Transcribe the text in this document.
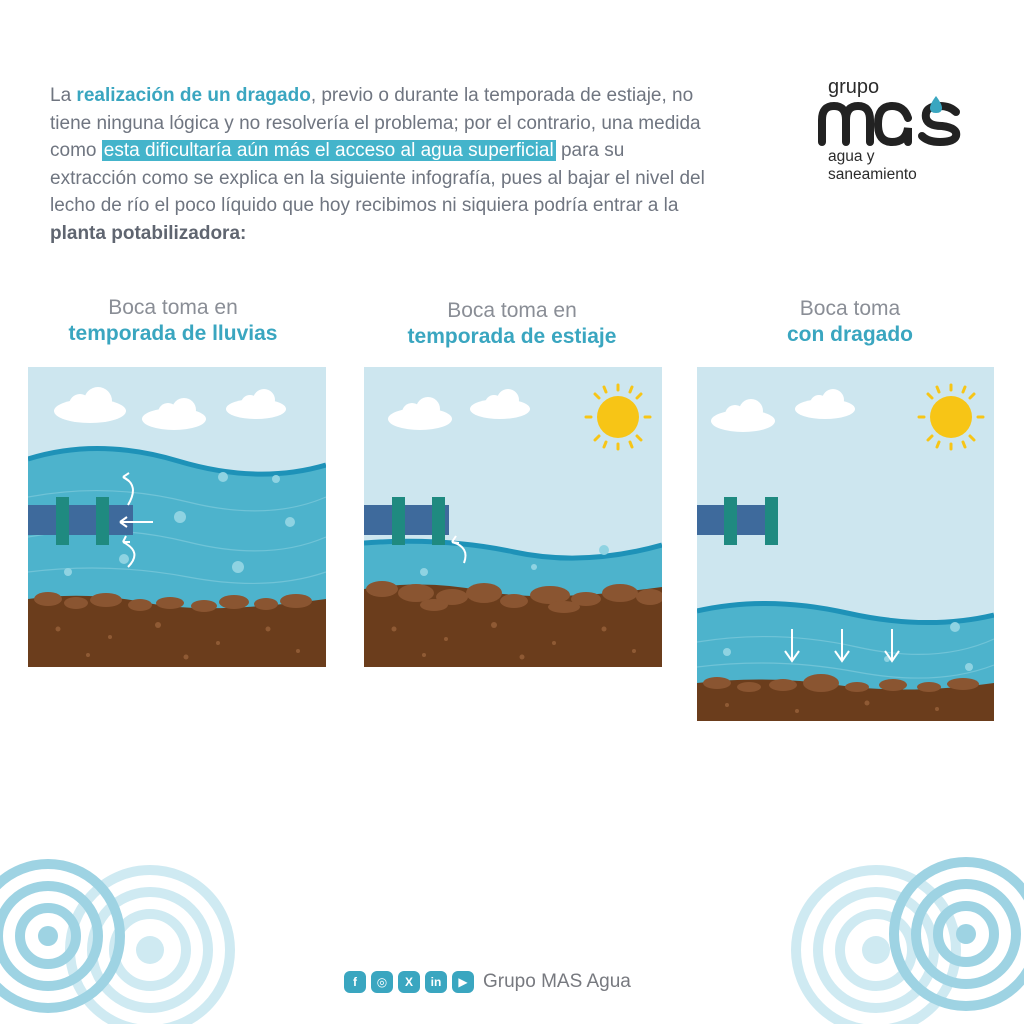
La realización de un dragado, previo o durante la temporada de estiaje, no tiene ninguna lógica y no resolvería el problema; por el contrario, una medida como esta dificultaría aún más el acceso al agua superficial para su extracción como se explica en la siguiente infografía, pues al bajar el nivel del lecho de río el poco líquido que hoy recibimos ni siquiera podría entrar a la planta potabilizadora:
grupo
agua y
saneamiento
Boca toma en
temporada de lluvias
Boca toma en
temporada de estiaje
Boca toma
con dragado
f	◎	X	in	▶ Grupo MAS Agua
